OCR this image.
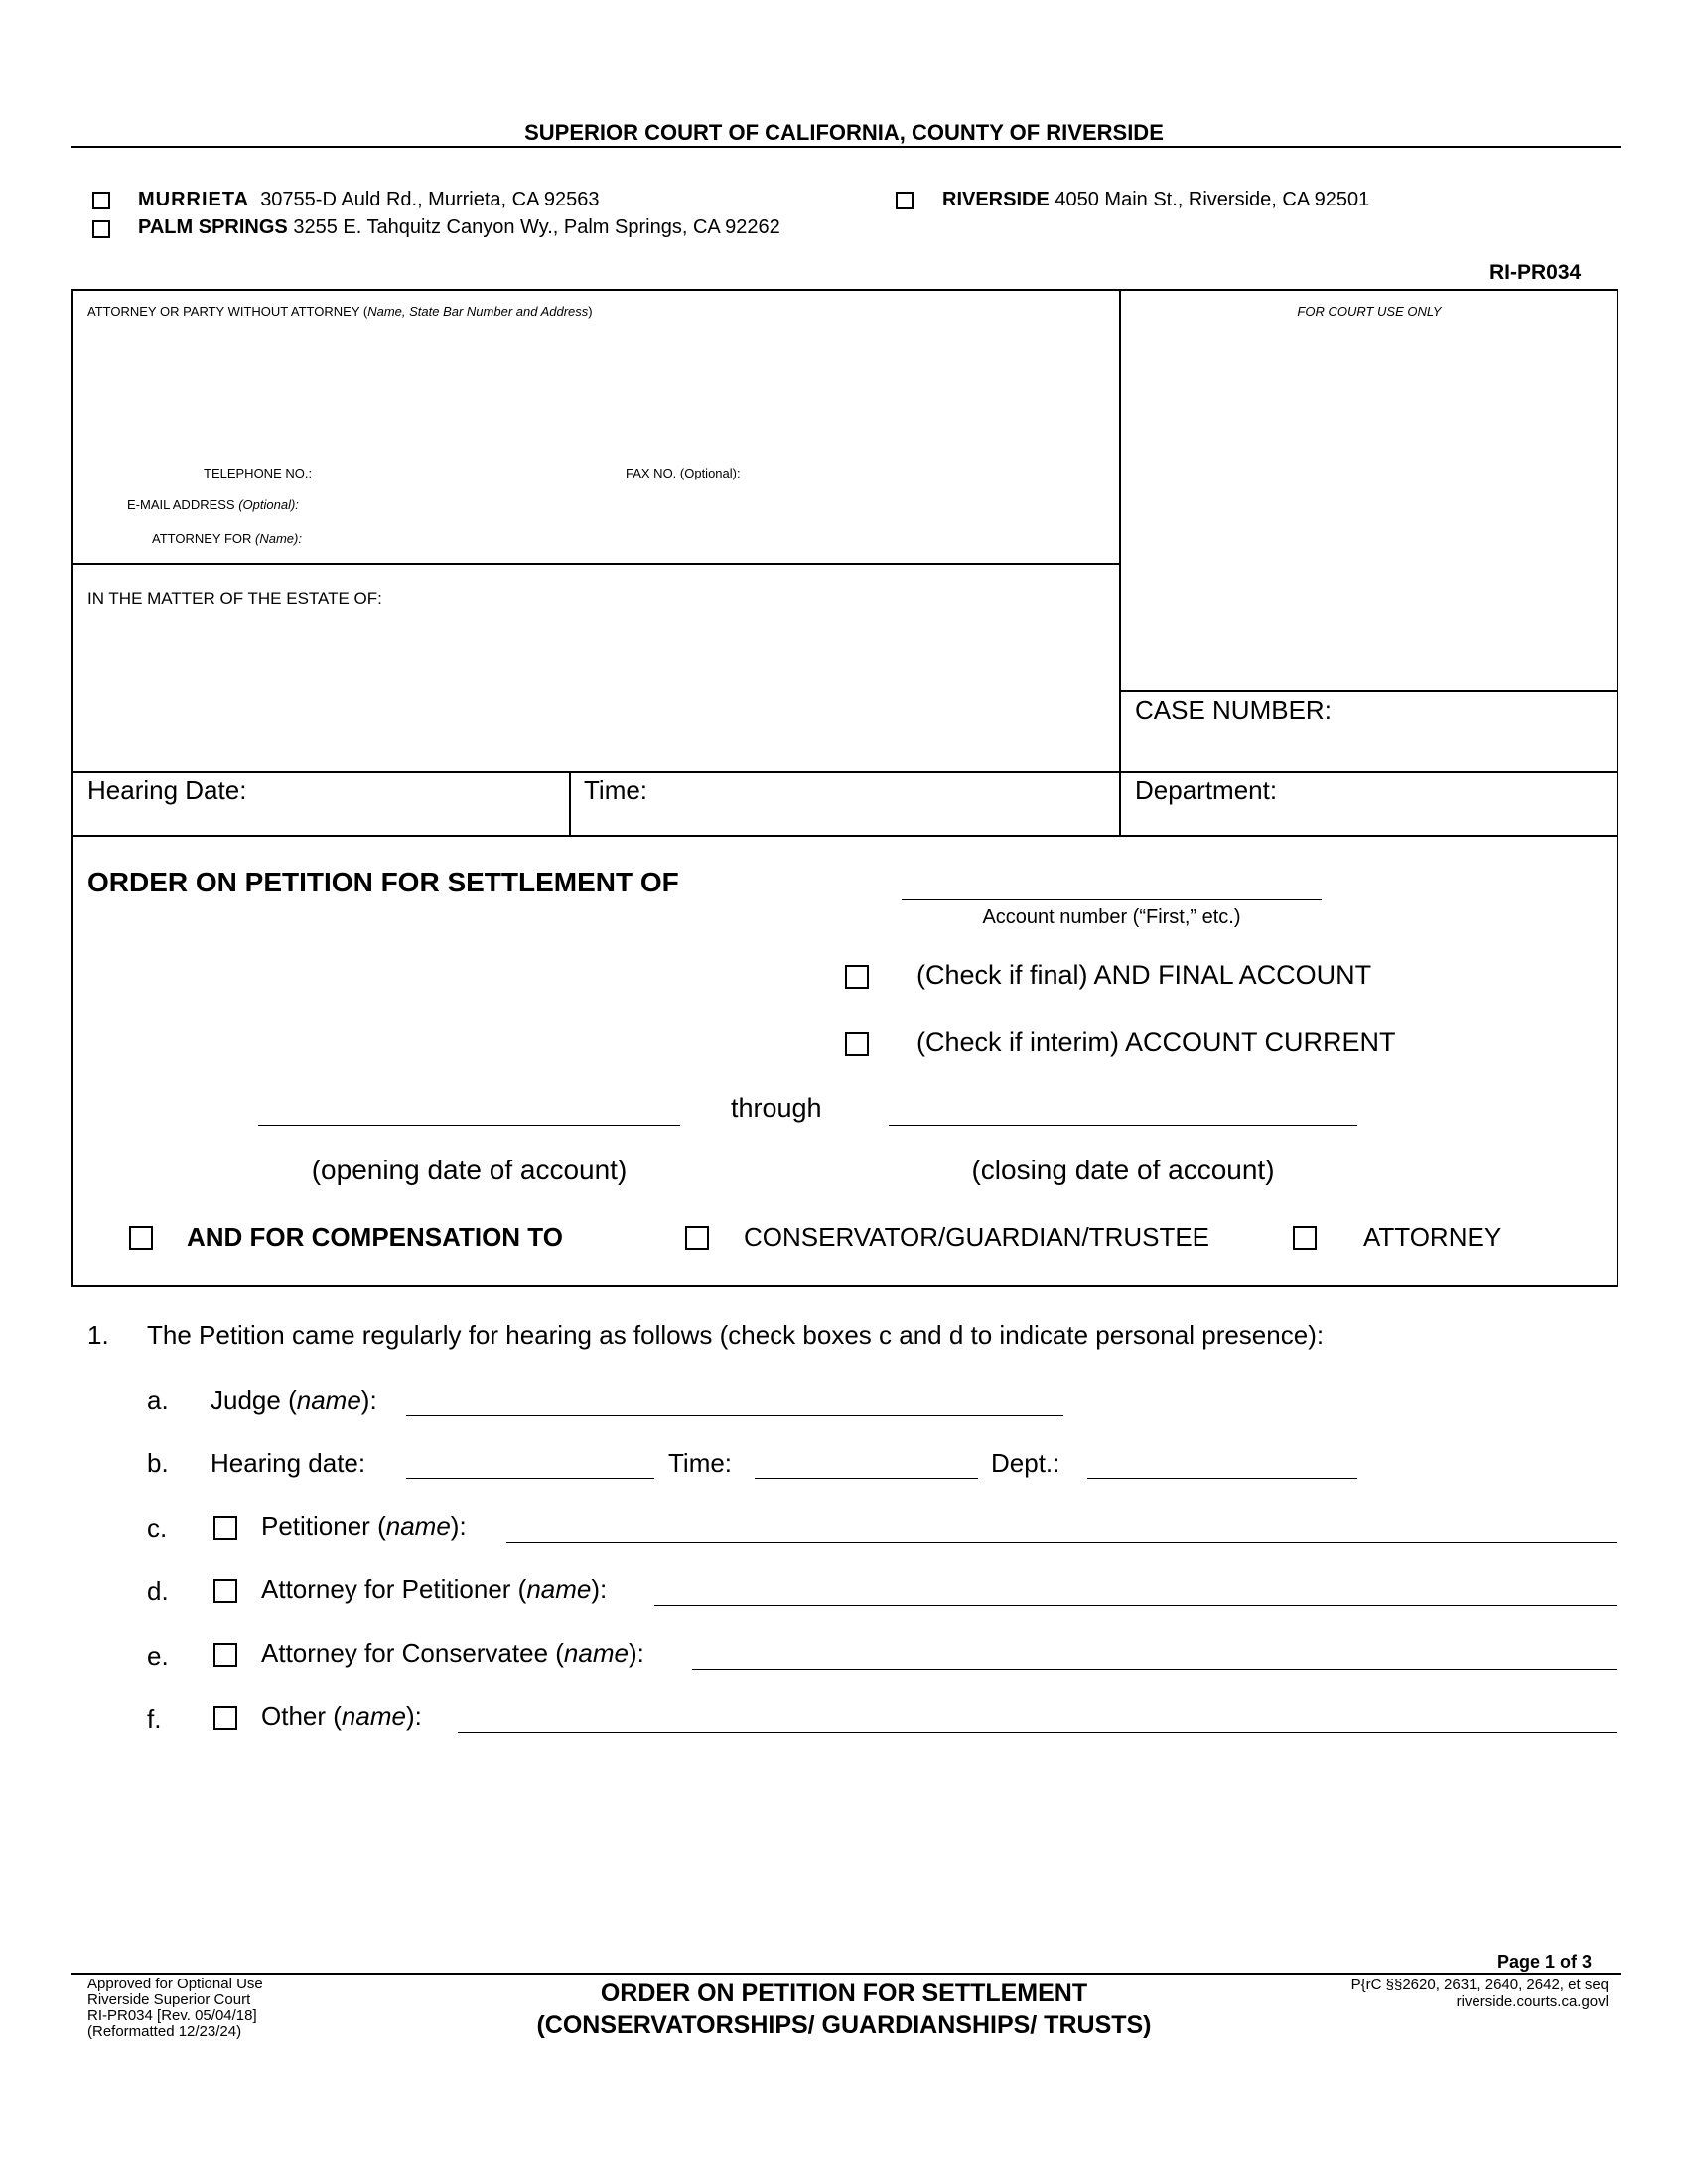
SUPERIOR COURT OF CALIFORNIA, COUNTY OF RIVERSIDE
MURRIETA 30755-D Auld Rd., Murrieta, CA 92563
PALM SPRINGS 3255 E. Tahquitz Canyon Wy., Palm Springs, CA 92262
RIVERSIDE 4050 Main St., Riverside, CA 92501
RI-PR034
ATTORNEY OR PARTY WITHOUT ATTORNEY (Name, State Bar Number and Address)	FOR COURT USE ONLY
TELEPHONE NO.:	FAX NO. (Optional):
E-MAIL ADDRESS (Optional):
ATTORNEY FOR (Name):
IN THE MATTER OF THE ESTATE OF:
CASE NUMBER:
Hearing Date:	Time:	Department:
ORDER ON PETITION FOR SETTLEMENT OF
Account number (“First,” etc.)
(Check if final) AND FINAL ACCOUNT
(Check if interim) ACCOUNT CURRENT
through
(opening date of account)	(closing date of account)
AND FOR COMPENSATION TO	CONSERVATOR/GUARDIAN/TRUSTEE	ATTORNEY
1. The Petition came regularly for hearing as follows (check boxes c and d to indicate personal presence):
a. Judge (name):
b. Hearing date:	Time:	Dept.:
c.	Petitioner (name):
d.	Attorney for Petitioner (name):
e.	Attorney for Conservatee (name):
f.	Other (name):
Page 1 of 3
Approved for Optional Use
Riverside Superior Court
RI-PR034 [Rev. 05/04/18]
(Reformatted 12/23/24)
ORDER ON PETITION FOR SETTLEMENT
(CONSERVATORSHIPS/ GUARDIANSHIPS/ TRUSTS)
P{rC §§2620, 2631, 2640, 2642, et seq
riverside.courts.ca.govl
